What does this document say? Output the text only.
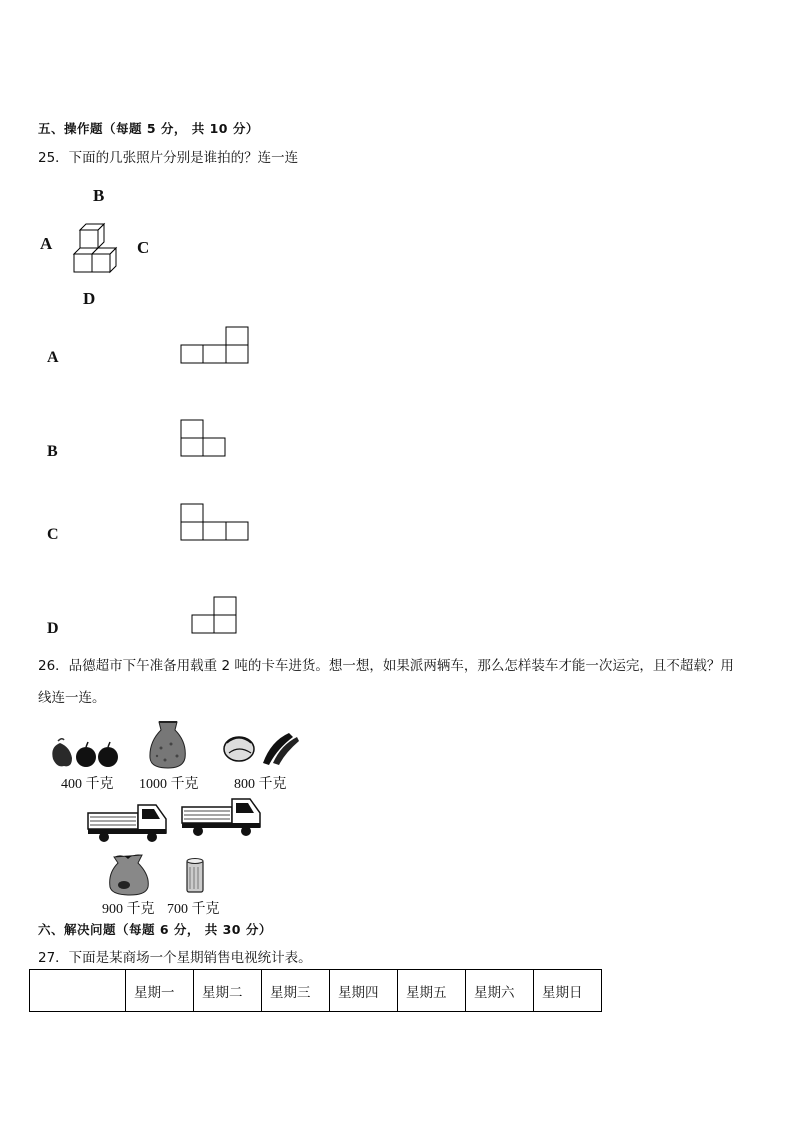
五、操作题（每题 5 分， 共 10 分）
25．下面的几张照片分别是谁拍的？连一连
B
A	C
D
A
B
C
D
26．品德超市下午准备用载重 2 吨的卡车进货。想一想，如果派两辆车，那么怎样装车才能一次运完，且不超载？用
线连一连。
400 千克 1000 千克	800 千克
900 千克 700 千克
六、解决问题（每题 6 分， 共 30 分）
27．下面是某商场一个星期销售电视统计表。
	星期一	星期二	星期三	星期四	星期五	星期六	星期日
